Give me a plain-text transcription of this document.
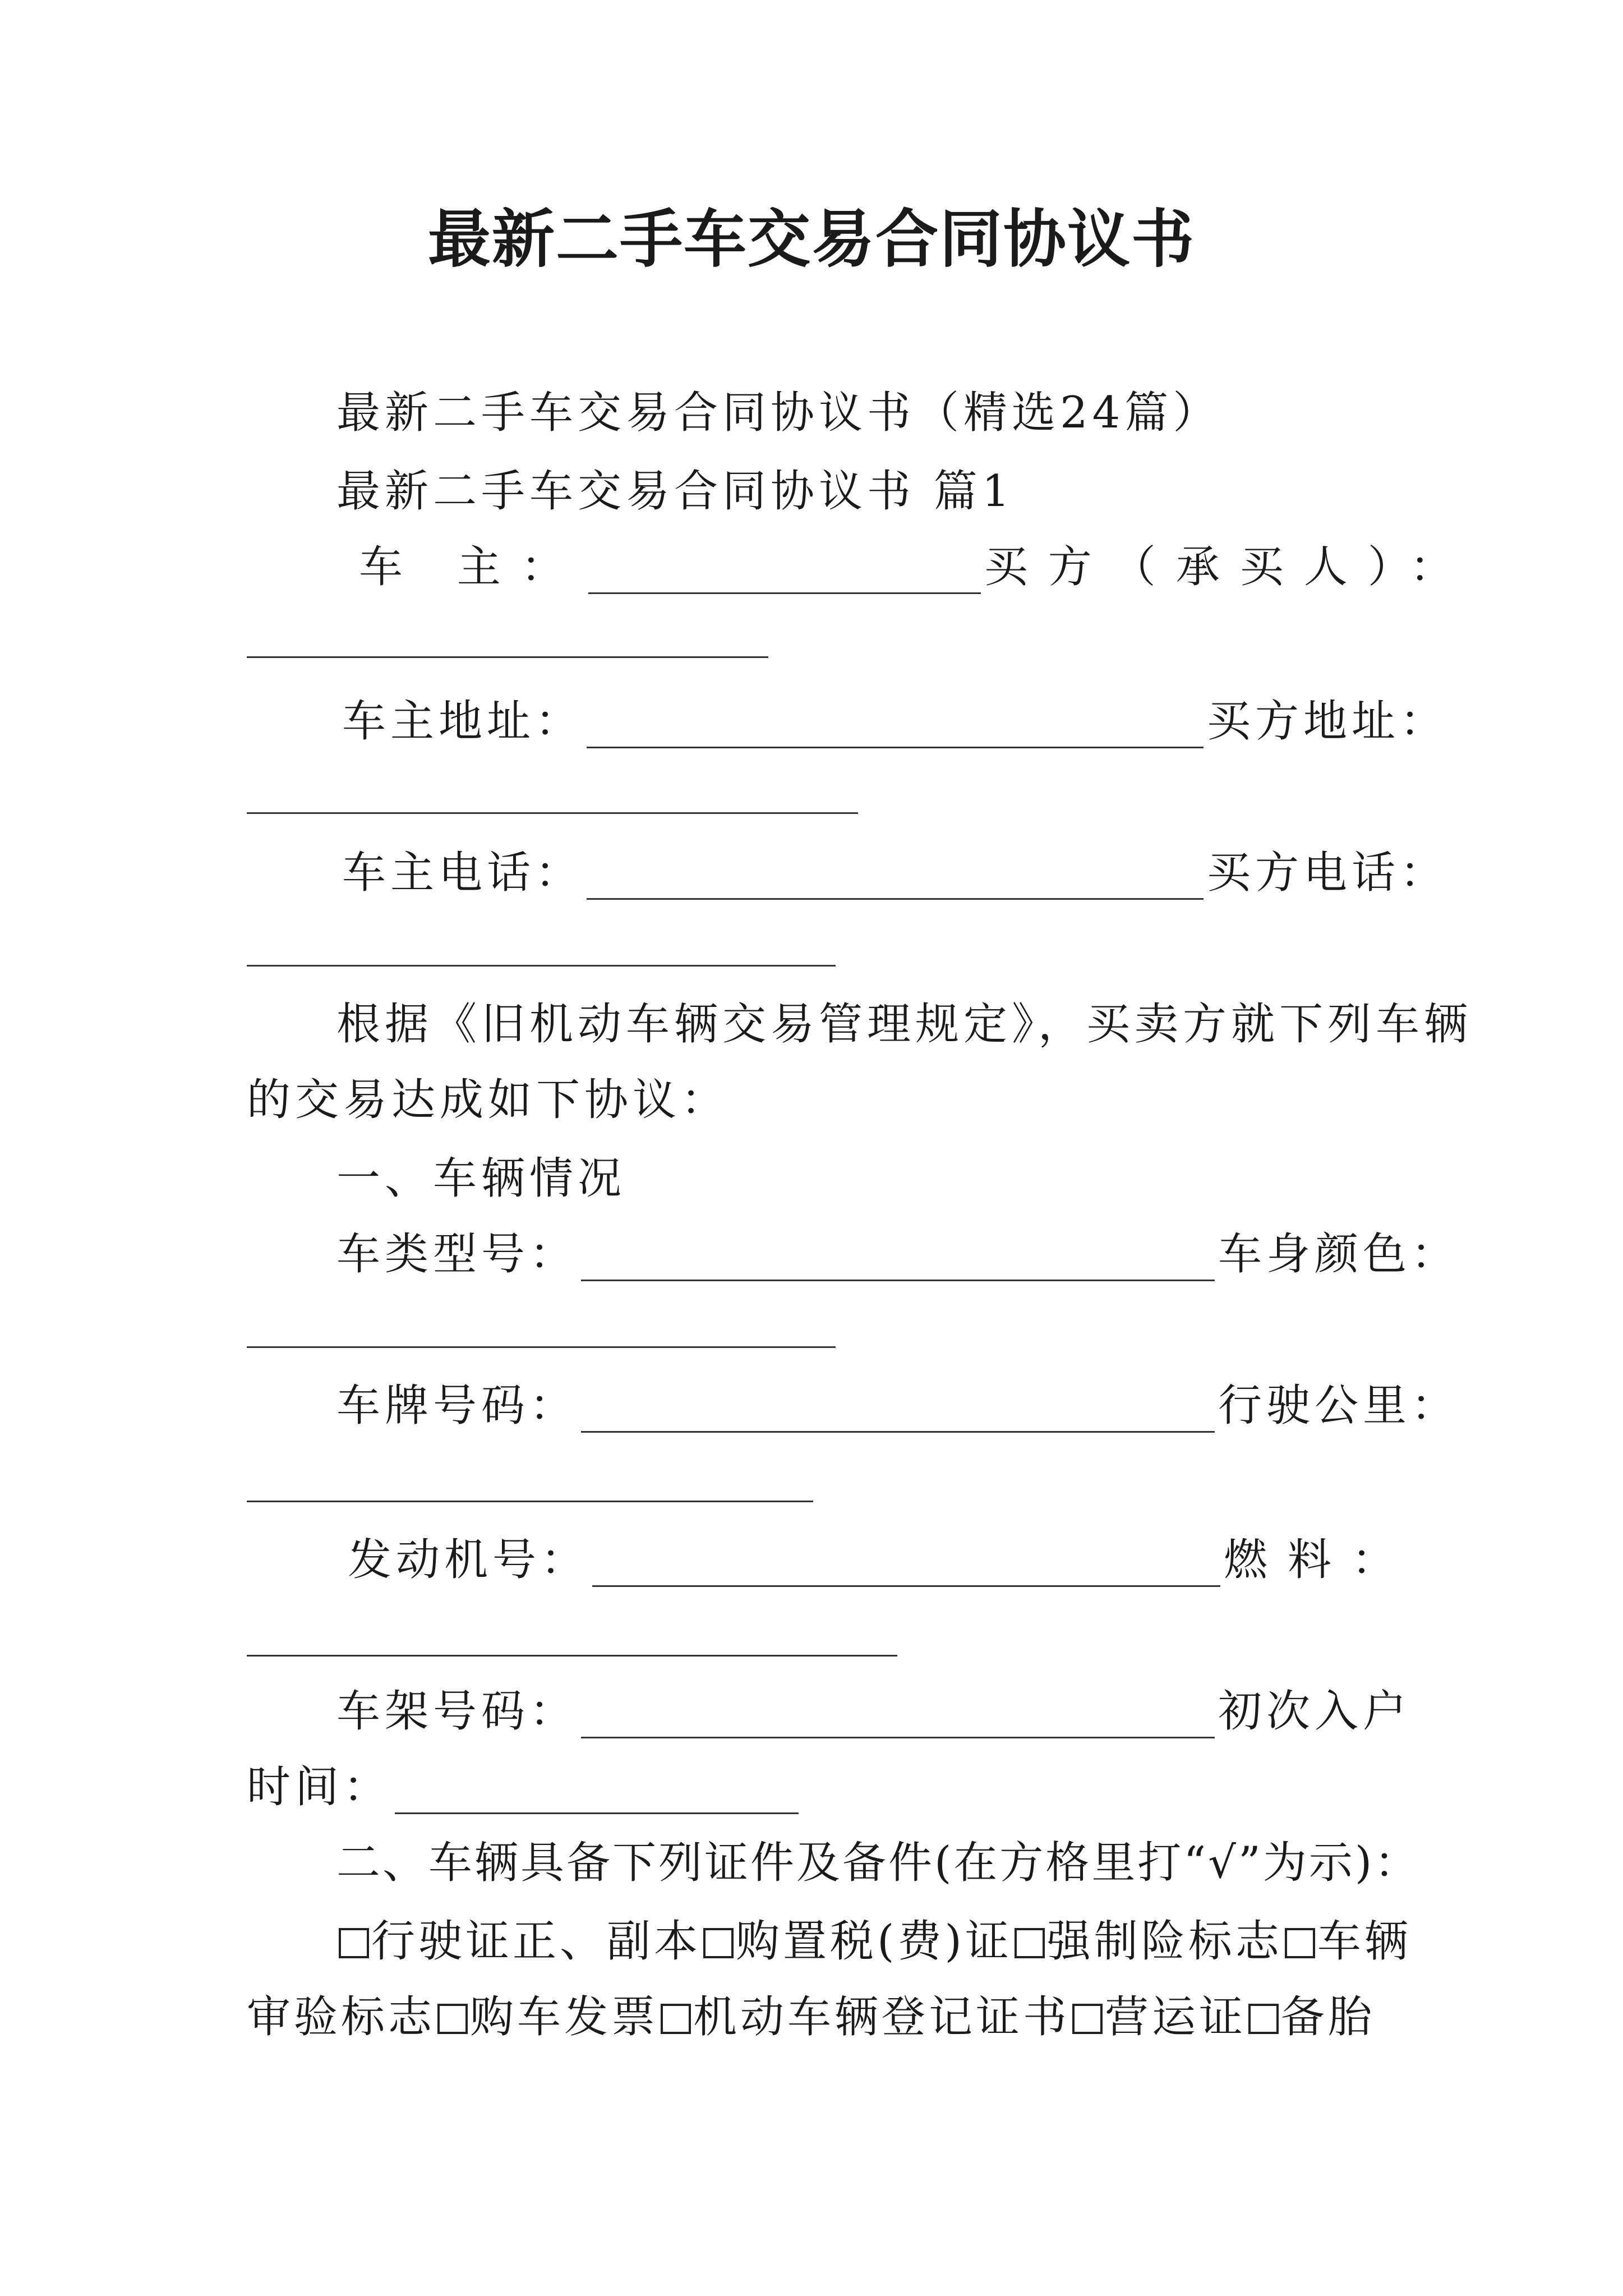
最新二手车交易合同协议书
最新二手车交易合同协议书（精选24篇）
最新二手车交易合同协议书 篇1
车 主：	买方（承买人）：
车主地址：	买方地址：
车主电话：	买方电话：
根据《旧机动车辆交易管理规定》，买卖方就下列车辆
的交易达成如下协议：
一、车辆情况
车类型号：	车身颜色：
车牌号码：	行驶公里：
发动机号：	燃料：
车架号码：	初次入户
时间：
二、车辆具备下列证件及备件(在方格里打“√”为示)：
行驶证正、副本 购置税(费)证 强制险标志 车辆
审验标志 购车发票 机动车辆登记证书 营运证 备胎
